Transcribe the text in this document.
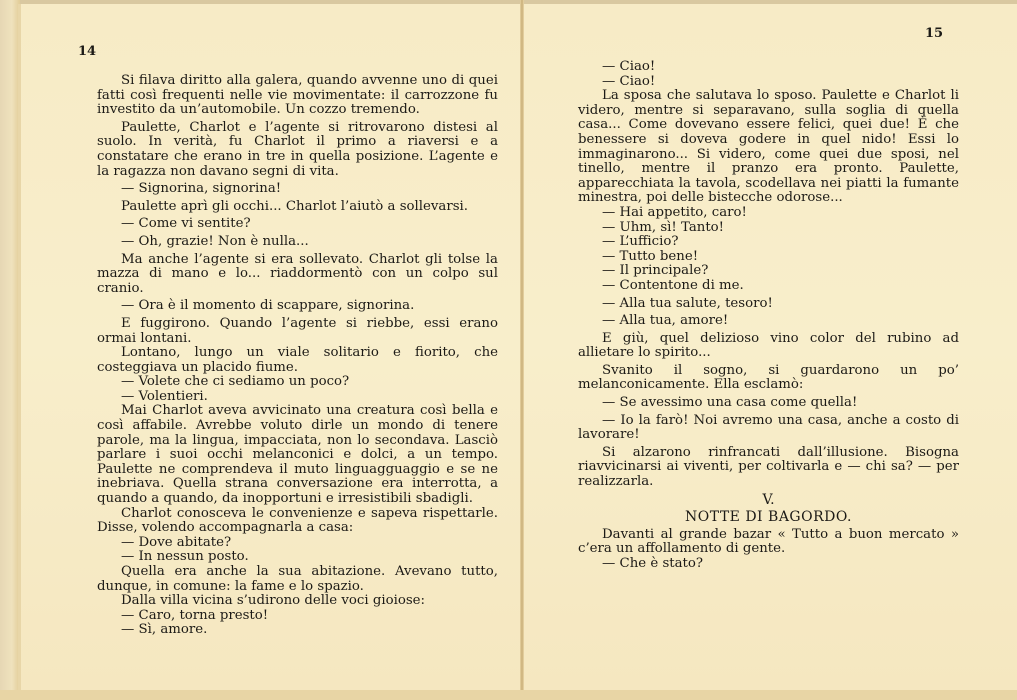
14
15

Si filava diritto alla galera, quando avvenne uno di quei fatti così frequenti nelle vie movimentate: il carrozzone fu investito da un’automobile. Un cozzo tremendo.

Paulette, Charlot e l’agente si ritrovarono distesi al suolo. In verità, fu Charlot il primo a riaversi e a constatare che erano in tre in quella posizione. L’agente e la ragazza non davano segni di vita.

— Signorina, signorina!

Paulette aprì gli occhi... Charlot l’aiutò a sollevarsi.

— Come vi sentite?

— Oh, grazie! Non è nulla...

Ma anche l’agente si era sollevato. Charlot gli tolse la mazza di mano e lo... riaddormentò con un colpo sul cranio.

— Ora è il momento di scappare, signorina.

E fuggirono. Quando l’agente si riebbe, essi erano ormai lontani.

Lontano, lungo un viale solitario e fiorito, che costeggiava un placido fiume.

— Volete che ci sediamo un poco?

— Volentieri.

Mai Charlot aveva avvicinato una creatura così bella e così affabile. Avrebbe voluto dirle un mondo di tenere parole, ma la lingua, impacciata, non lo secondava. Lasciò parlare i suoi occhi melanconici e dolci, a un tempo. Paulette ne comprendeva il muto linguagguaggio e se ne inebriava. Quella strana conversazione era interrotta, a quando a quando, da inopportuni e irresistibili sbadigli.

Charlot conosceva le convenienze e sapeva rispettarle. Disse, volendo accompagnarla a casa:

— Dove abitate?

— In nessun posto.

Quella era anche la sua abitazione. Avevano tutto, dunque, in comune: la fame e lo spazio.

Dalla villa vicina s’udirono delle voci gioiose:

— Caro, torna presto!

— Sì, amore.

— Ciao!

— Ciao!

La sposa che salutava lo sposo. Paulette e Charlot li videro, mentre si separavano, sulla soglia di quella casa... Come dovevano essere felici, quei due! È che benessere si doveva godere in quel nido! Essi lo immaginarono... Si videro, come quei due sposi, nel tinello, mentre il pranzo era pronto. Paulette, apparecchiata la tavola, scodellava nei piatti la fumante minestra, poi delle bistecche odorose...

— Hai appetito, caro!

— Uhm, sì! Tanto!

— L’ufficio?

— Tutto bene!

— Il principale?

— Contentone di me.

— Alla tua salute, tesoro!

— Alla tua, amore!

E giù, quel delizioso vino color del rubino ad allietare lo spirito...

Svanito il sogno, si guardarono un po’ melanconicamente. Ella esclamò:

— Se avessimo una casa come quella!

— Io la farò! Noi avremo una casa, anche a costo di lavorare!

Si alzarono rinfrancati dall’illusione. Bisogna riavvicinarsi ai viventi, per coltivarla e — chi sa? — per realizzarla.

V.

NOTTE DI BAGORDO.

Davanti al grande bazar « Tutto a buon mercato » c’era un affollamento di gente.

— Che è stato?
